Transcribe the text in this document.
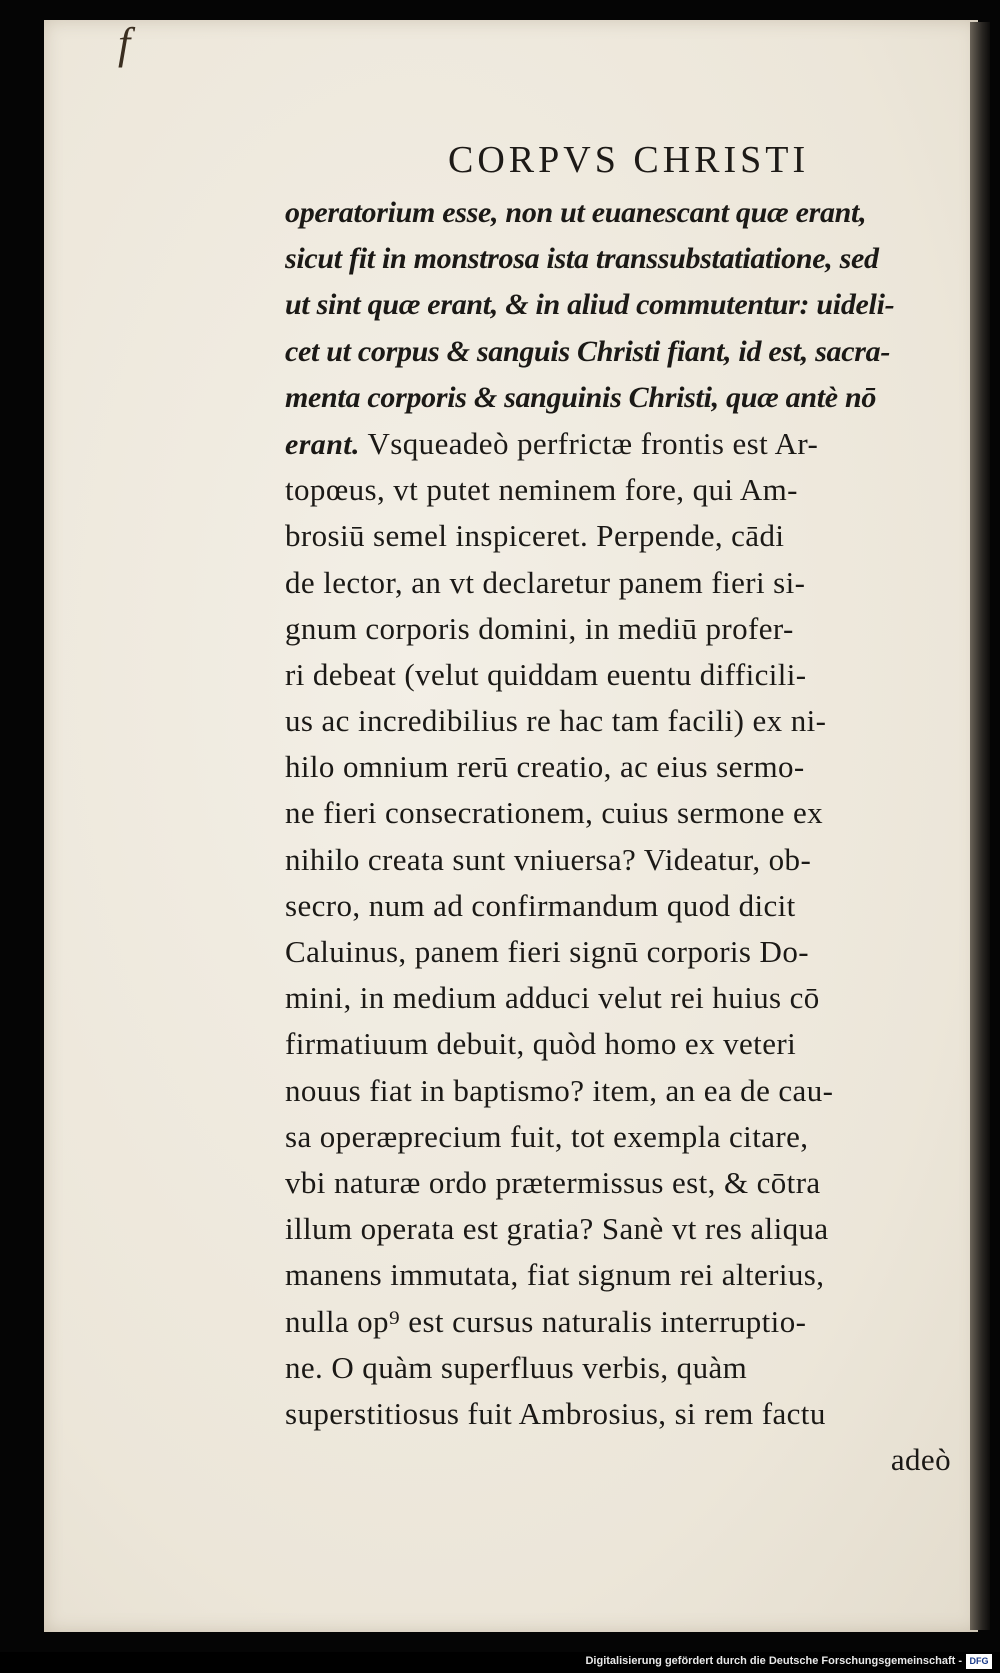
f
CORPVS CHRISTI
operatorium esse, non ut euanescant quæ erant,
sicut fit in monstrosa ista transsubstatiatione, sed
ut sint quæ erant, & in aliud commutentur: uideli-
cet ut corpus & sanguis Christi fiant, id est, sacra-
menta corporis & sanguinis Christi, quæ antè nō
erant. Vsqueadeò perfrictæ frontis est Ar-
topœus, vt putet neminem fore, qui Am-
brosiū semel inspiceret. Perpende, cādi
de lector, an vt declaretur panem fieri si-
gnum corporis domini, in mediū profer-
ri debeat (velut quiddam euentu difficili-
us ac incredibilius re hac tam facili) ex ni-
hilo omnium rerū creatio, ac eius sermo-
ne fieri consecrationem, cuius sermone ex
nihilo creata sunt vniuersa? Videatur, ob-
secro, num ad confirmandum quod dicit
Caluinus, panem fieri signū corporis Do-
mini, in medium adduci velut rei huius cō
firmatiuum debuit, quòd homo ex veteri
nouus fiat in baptismo? item, an ea de cau-
sa operæprecium fuit, tot exempla citare,
vbi naturæ ordo prætermissus est, & cōtra
illum operata est gratia? Sanè vt res aliqua
manens immutata, fiat signum rei alterius,
nulla op⁹ est cursus naturalis interruptio-
ne. O quàm superfluus verbis, quàm
superstitiosus fuit Ambrosius, si rem factu
adeò
Digitalisierung gefördert durch die Deutsche Forschungsgemeinschaft - DFG
